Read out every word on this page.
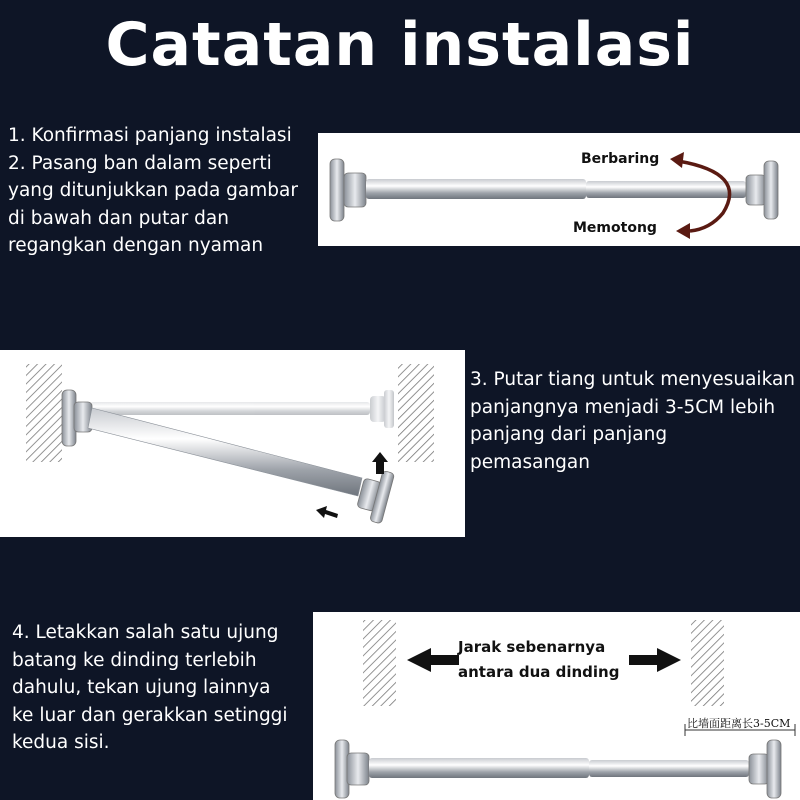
Catatan instalasi
1. Konfirmasi panjang instalasi
2. Pasang ban dalam seperti
yang ditunjukkan pada gambar
di bawah dan putar dan
regangkan dengan nyaman
Berbaring
Memotong
3. Putar tiang untuk menyesuaikan
panjangnya menjadi 3-5CM lebih
panjang dari panjang
pemasangan
4. Letakkan salah satu ujung
batang ke dinding terlebih
dahulu, tekan ujung lainnya
ke luar dan gerakkan setinggi
kedua sisi.
Jarak sebenarnya
antara dua dinding
比墙面距离长3-5CM
